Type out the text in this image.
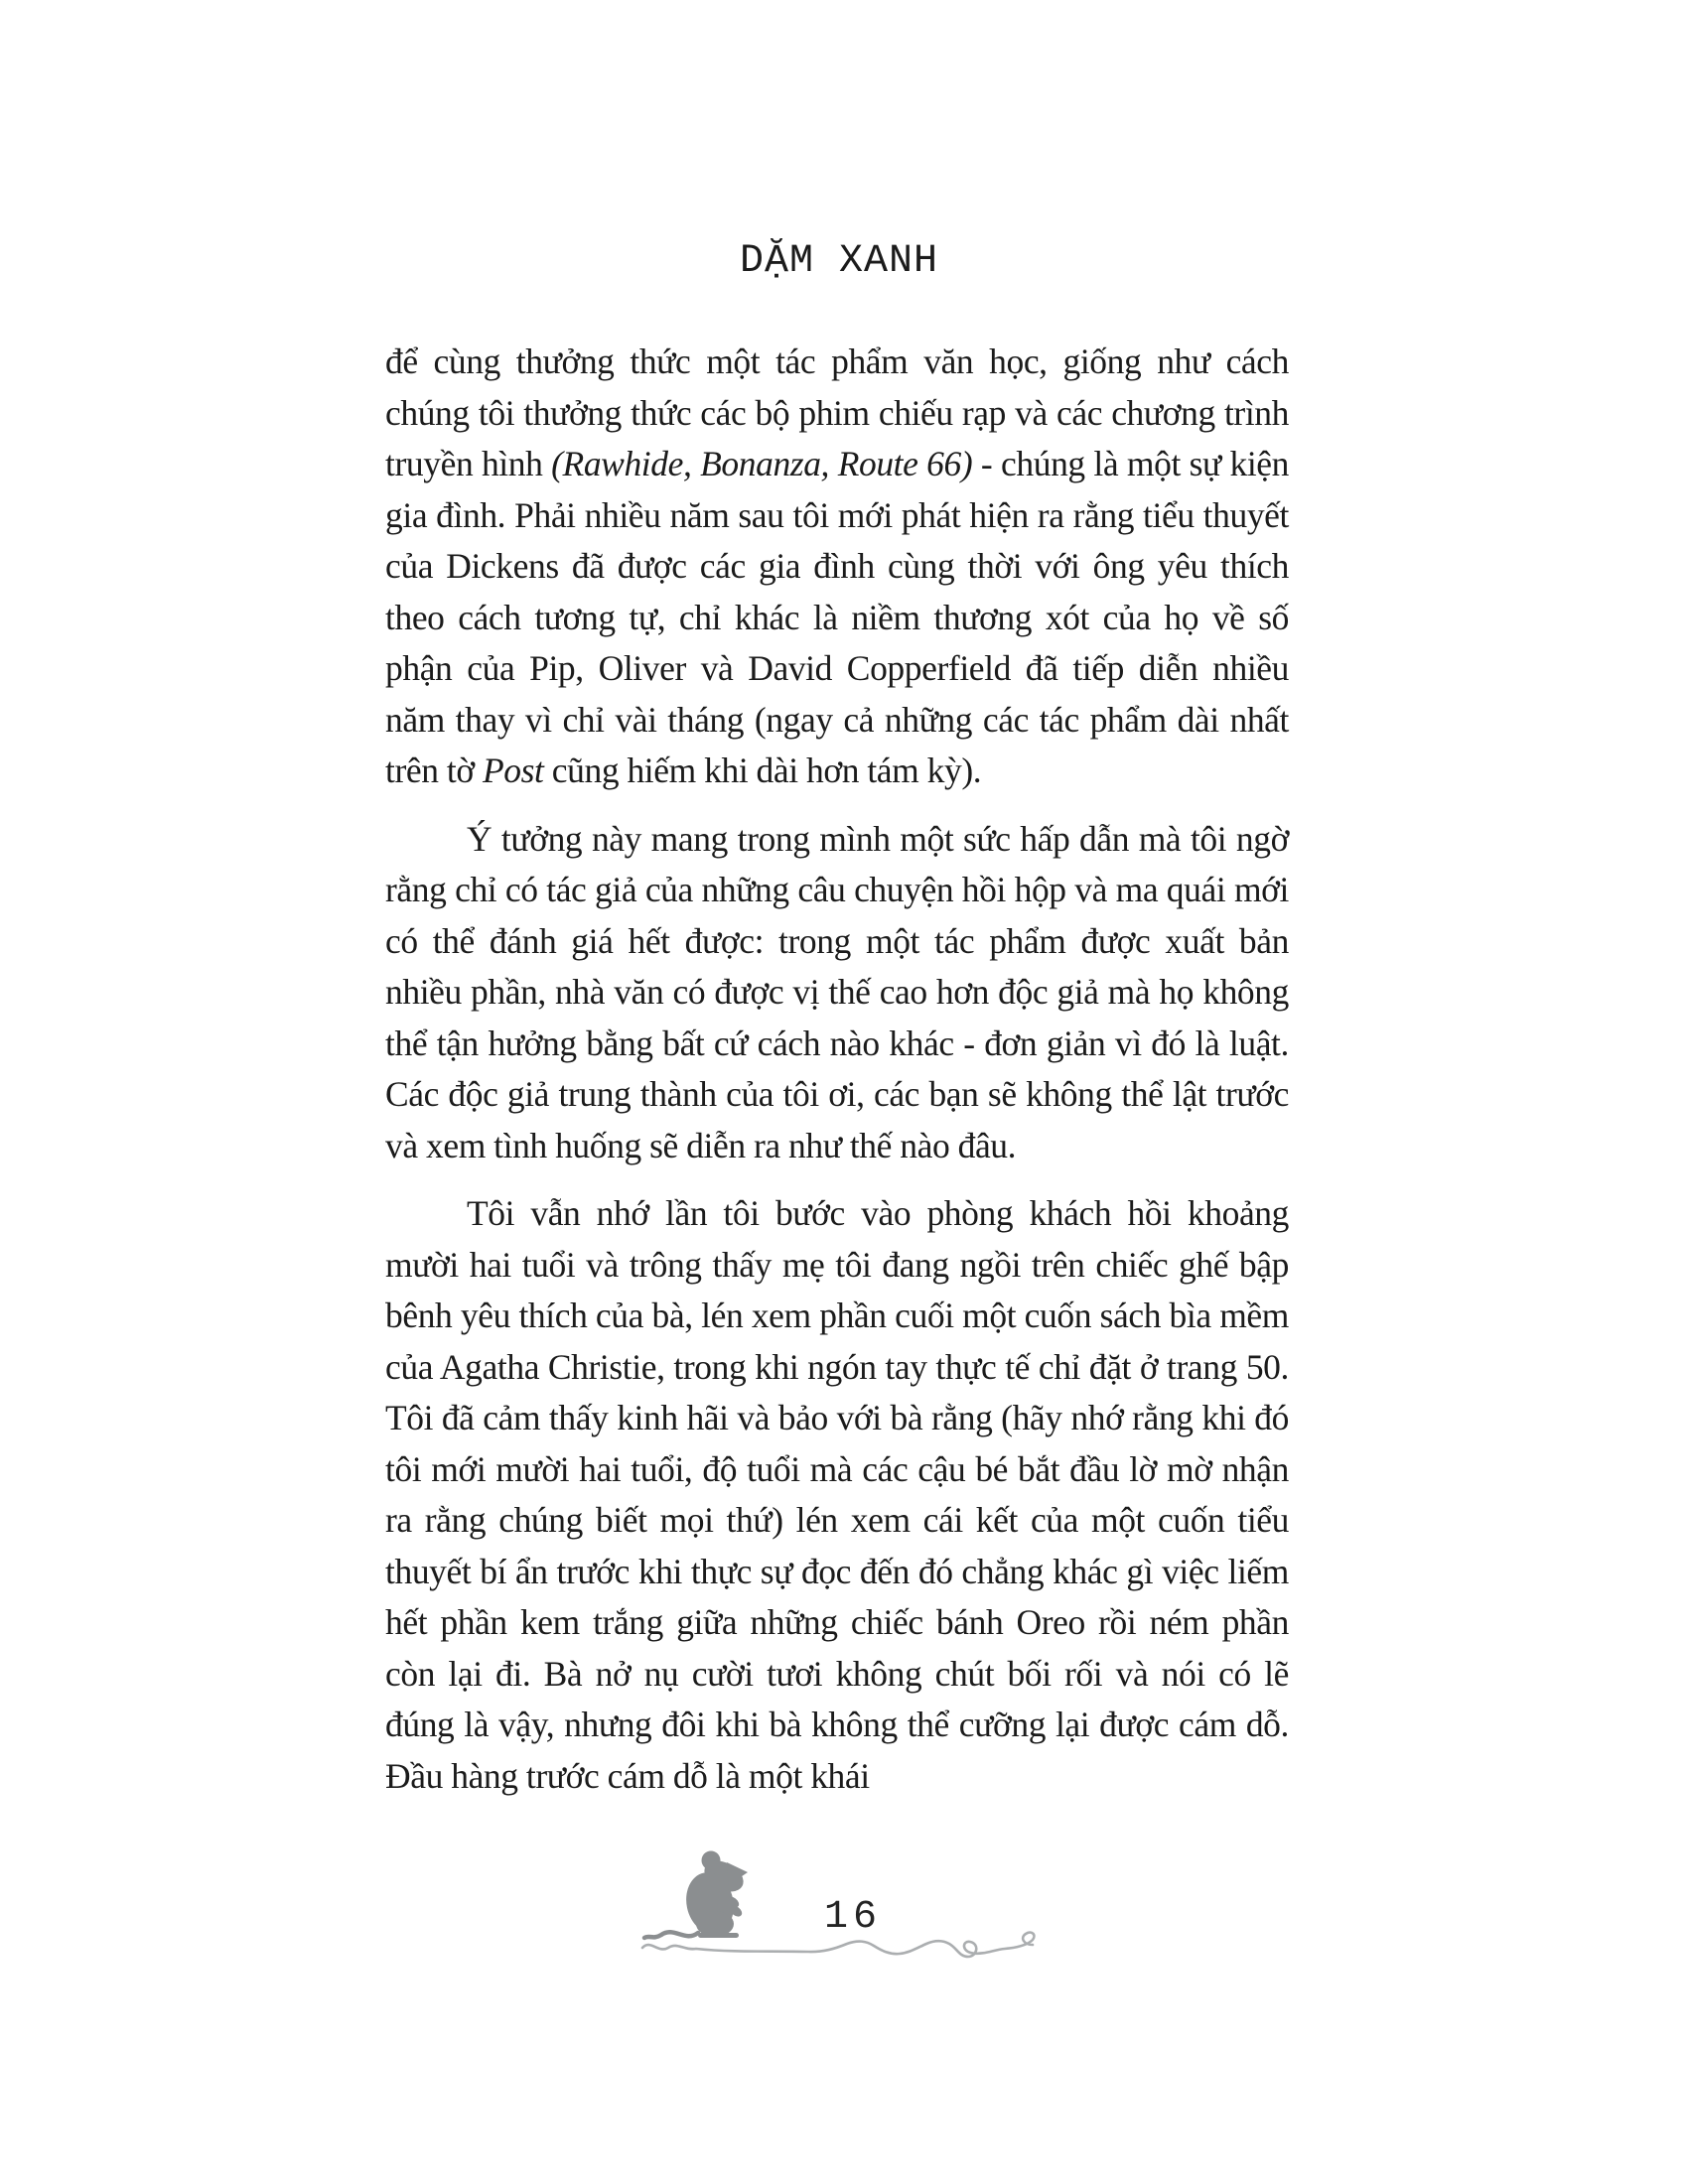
DẶM XANH

để cùng thưởng thức một tác phẩm văn học, giống như cách chúng tôi thưởng thức các bộ phim chiếu rạp và các chương trình truyền hình (Rawhide, Bonanza, Route 66) - chúng là một sự kiện gia đình. Phải nhiều năm sau tôi mới phát hiện ra rằng tiểu thuyết của Dickens đã được các gia đình cùng thời với ông yêu thích theo cách tương tự, chỉ khác là niềm thương xót của họ về số phận của Pip, Oliver và David Copperfield đã tiếp diễn nhiều năm thay vì chỉ vài tháng (ngay cả những các tác phẩm dài nhất trên tờ Post cũng hiếm khi dài hơn tám kỳ).

Ý tưởng này mang trong mình một sức hấp dẫn mà tôi ngờ rằng chỉ có tác giả của những câu chuyện hồi hộp và ma quái mới có thể đánh giá hết được: trong một tác phẩm được xuất bản nhiều phần, nhà văn có được vị thế cao hơn độc giả mà họ không thể tận hưởng bằng bất cứ cách nào khác - đơn giản vì đó là luật. Các độc giả trung thành của tôi ơi, các bạn sẽ không thể lật trước và xem tình huống sẽ diễn ra như thế nào đâu.

Tôi vẫn nhớ lần tôi bước vào phòng khách hồi khoảng mười hai tuổi và trông thấy mẹ tôi đang ngồi trên chiếc ghế bập bênh yêu thích của bà, lén xem phần cuối một cuốn sách bìa mềm của Agatha Christie, trong khi ngón tay thực tế chỉ đặt ở trang 50. Tôi đã cảm thấy kinh hãi và bảo với bà rằng (hãy nhớ rằng khi đó tôi mới mười hai tuổi, độ tuổi mà các cậu bé bắt đầu lờ mờ nhận ra rằng chúng biết mọi thứ) lén xem cái kết của một cuốn tiểu thuyết bí ẩn trước khi thực sự đọc đến đó chẳng khác gì việc liếm hết phần kem trắng giữa những chiếc bánh Oreo rồi ném phần còn lại đi. Bà nở nụ cười tươi không chút bối rối và nói có lẽ đúng là vậy, nhưng đôi khi bà không thể cưỡng lại được cám dỗ. Đầu hàng trước cám dỗ là một khái

16
